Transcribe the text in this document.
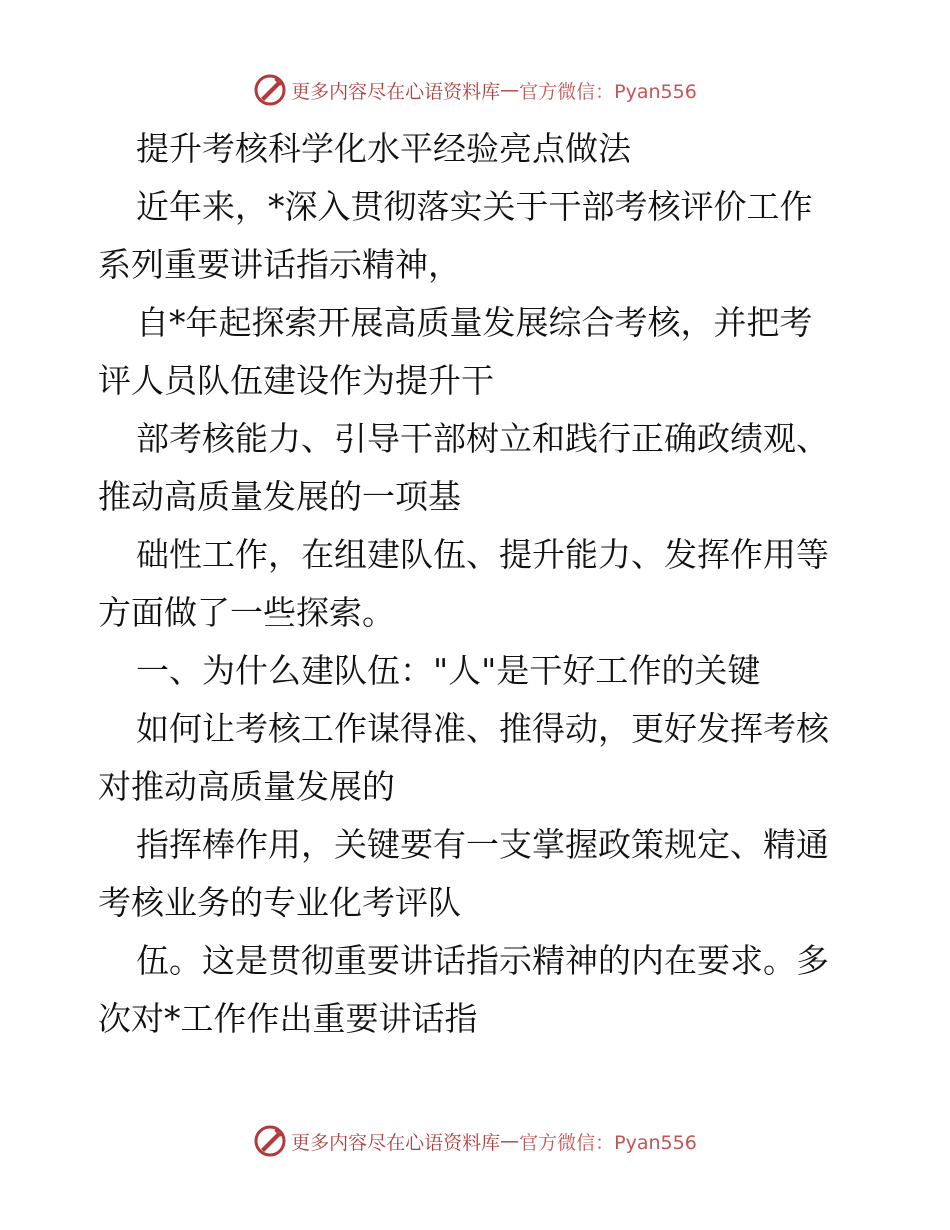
更多内容尽在心语资料库 — 官方微信：Pyan556

提升考核科学化水平经验亮点做法

近年来，*深入贯彻落实关于干部考核评价工作

系列重要讲话指示精神，

自*年起探索开展高质量发展综合考核，并把考

评人员队伍建设作为提升干

部考核能力、引导干部树立和践行正确政绩观、

推动高质量发展的一项基

础性工作，在组建队伍、提升能力、发挥作用等

方面做了一些探索。

一、为什么建队伍："人"是干好工作的关键

如何让考核工作谋得准、推得动，更好发挥考核

对推动高质量发展的

指挥棒作用，关键要有一支掌握政策规定、精通

考核业务的专业化考评队

伍。这是贯彻重要讲话指示精神的内在要求。多

次对*工作作出重要讲话指

更多内容尽在心语资料库 — 官方微信：Pyan556
